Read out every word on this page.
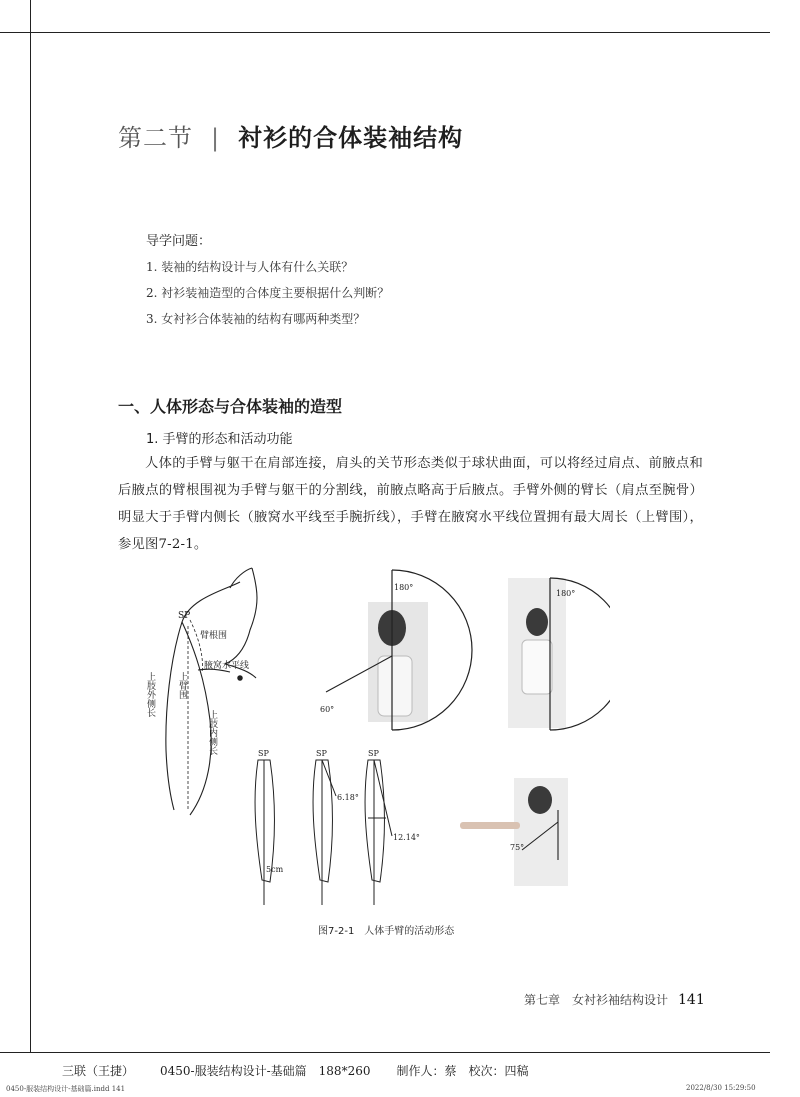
第二节 | 衬衫的合体装袖结构
导学问题：
1. 装袖的结构设计与人体有什么关联？
2. 衬衫装袖造型的合体度主要根据什么判断？
3. 女衬衫合体装袖的结构有哪两种类型？
一、人体形态与合体装袖的造型
1. 手臂的形态和活动功能
人体的手臂与躯干在肩部连接，肩头的关节形态类似于球状曲面，可以将经过肩点、前腋点和后腋点的臂根围视为手臂与躯干的分割线，前腋点略高于后腋点。手臂外侧的臂长（肩点至腕骨）明显大于手臂内侧长（腋窝水平线至手腕折线），手臂在腋窝水平线位置拥有最大周长（上臂围），参见图7-2-1。
SP
臂根围
腋窝水平线
上臂围
上肢外侧长
上肢内侧长
180°
60°
180°
SP	SP	SP
6.18°
12.14°
5cm
75°
图7-2-1　人体手臂的活动形态
第七章　女衬衫袖结构设计 141
三联（王捷） 0450-服装结构设计-基础篇　188*260 制作人：蔡　校次：四稿
0450-服装结构设计-基础篇.indd 141	2022/8/30 15:29:50
